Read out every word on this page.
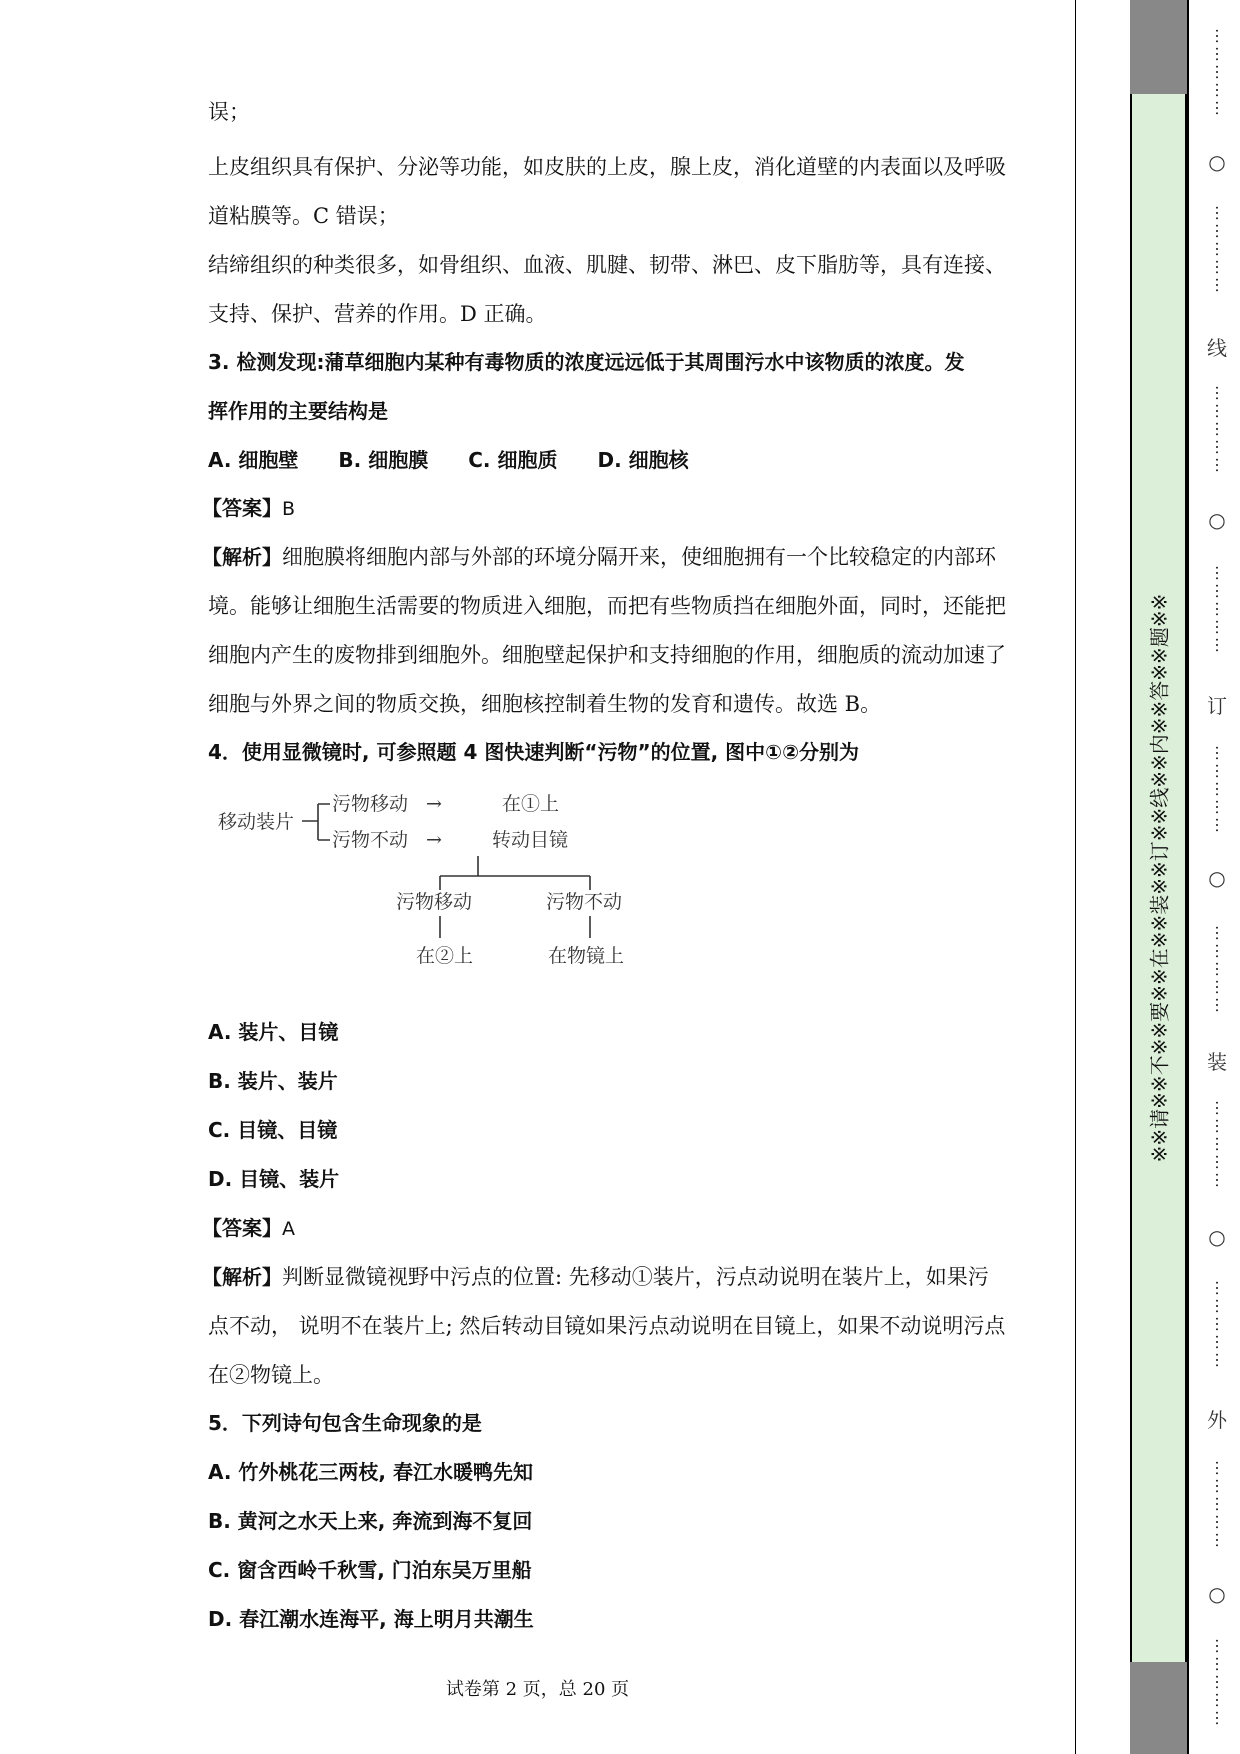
误；
上皮组织具有保护、分泌等功能，如皮肤的上皮，腺上皮，消化道壁的内表面以及呼吸
道粘膜等。C 错误；
结缔组织的种类很多，如骨组织、血液、肌腱、韧带、淋巴、皮下脂肪等，具有连接、
支持、保护、营养的作用。D 正确。
3. 检测发现:蒲草细胞内某种有毒物质的浓度远远低于其周围污水中该物质的浓度。发
挥作用的主要结构是
A. 细胞壁 B. 细胞膜 C. 细胞质 D. 细胞核
【答案】B
【解析】细胞膜将细胞内部与外部的环境分隔开来，使细胞拥有一个比较稳定的内部环
境。能够让细胞生活需要的物质进入细胞，而把有些物质挡在细胞外面，同时，还能把
细胞内产生的废物排到细胞外。细胞壁起保护和支持细胞的作用，细胞质的流动加速了
细胞与外界之间的物质交换，细胞核控制着生物的发育和遗传。故选 B。
4．使用显微镜时, 可参照题 4 图快速判断“污物”的位置, 图中①②分别为
A. 装片、目镜
B. 装片、装片
C. 目镜、目镜
D. 目镜、装片
【答案】A
【解析】判断显微镜视野中污点的位置: 先移动①装片，污点动说明在装片上，如果污
点不动， 说明不在装片上; 然后转动目镜如果污点动说明在目镜上，如果不动说明污点
在②物镜上。
5．下列诗句包含生命现象的是
A. 竹外桃花三两枝, 春江水暖鸭先知
B. 黄河之水天上来, 奔流到海不复回
C. 窗含西岭千秋雪, 门泊东吴万里船
D. 春江潮水连海平, 海上明月共潮生
移动装片
污物移动 →	在①上
污物不动 →	转动目镜
污物移动	污物不动
在②上	在物镜上
试卷第 2 页，总 20 页
※※请※※不※※要※※在※※装※※订※※线※※内※※答※※题※※
……………
○
……………
线
……………
○
……………
订
……………
○
……………
装
……………
○
……………
外
……………
○
……………
